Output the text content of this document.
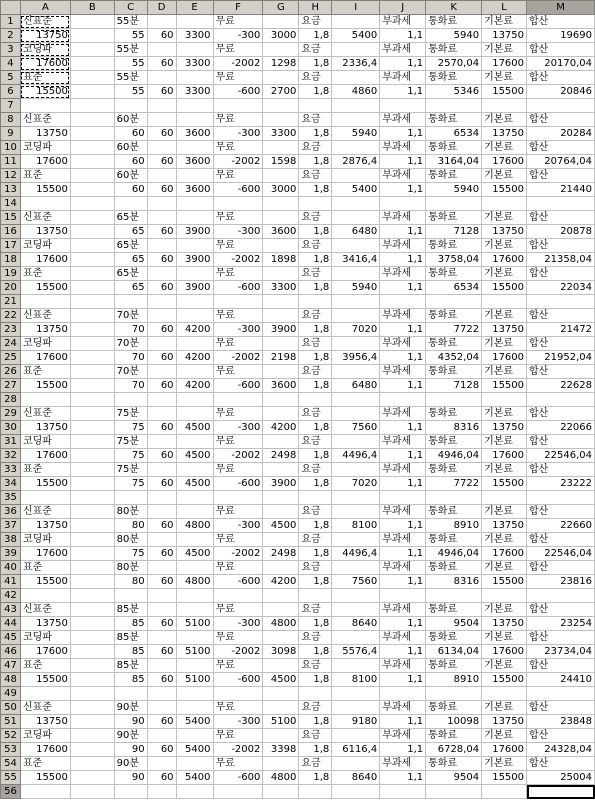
	A	B	C	D	E	F	G	H	I	J	K	L	M
1	신표준		55분			무료		요금		부과세	통화료	기본료	합산
2	13750		55	60	3300	-300	3000	1,8	5400	1,1	5940	13750	19690
3	코딩파		55분			무료		요금		부과세	통화료	기본료	합산
4	17600		55	60	3300	-2002	1298	1,8	2336,4	1,1	2570,04	17600	20170,04
5	표준		55분			무료		요금		부과세	통화료	기본료	합산
6	15500		55	60	3300	-600	2700	1,8	4860	1,1	5346	15500	20846
7													
8	신표준		60분			무료		요금		부과세	통화료	기본료	합산
9	13750		60	60	3600	-300	3300	1,8	5940	1,1	6534	13750	20284
10	코딩파		60분			무료		요금		부과세	통화료	기본료	합산
11	17600		60	60	3600	-2002	1598	1,8	2876,4	1,1	3164,04	17600	20764,04
12	표준		60분			무료		요금		부과세	통화료	기본료	합산
13	15500		60	60	3600	-600	3000	1,8	5400	1,1	5940	15500	21440
14													
15	신표준		65분			무료		요금		부과세	통화료	기본료	합산
16	13750		65	60	3900	-300	3600	1,8	6480	1,1	7128	13750	20878
17	코딩파		65분			무료		요금		부과세	통화료	기본료	합산
18	17600		65	60	3900	-2002	1898	1,8	3416,4	1,1	3758,04	17600	21358,04
19	표준		65분			무료		요금		부과세	통화료	기본료	합산
20	15500		65	60	3900	-600	3300	1,8	5940	1,1	6534	15500	22034
21													
22	신표준		70분			무료		요금		부과세	통화료	기본료	합산
23	13750		70	60	4200	-300	3900	1,8	7020	1,1	7722	13750	21472
24	코딩파		70분			무료		요금		부과세	통화료	기본료	합산
25	17600		70	60	4200	-2002	2198	1,8	3956,4	1,1	4352,04	17600	21952,04
26	표준		70분			무료		요금		부과세	통화료	기본료	합산
27	15500		70	60	4200	-600	3600	1,8	6480	1,1	7128	15500	22628
28													
29	신표준		75분			무료		요금		부과세	통화료	기본료	합산
30	13750		75	60	4500	-300	4200	1,8	7560	1,1	8316	13750	22066
31	코딩파		75분			무료		요금		부과세	통화료	기본료	합산
32	17600		75	60	4500	-2002	2498	1,8	4496,4	1,1	4946,04	17600	22546,04
33	표준		75분			무료		요금		부과세	통화료	기본료	합산
34	15500		75	60	4500	-600	3900	1,8	7020	1,1	7722	15500	23222
35													
36	신표준		80분			무료		요금		부과세	통화료	기본료	합산
37	13750		80	60	4800	-300	4500	1,8	8100	1,1	8910	13750	22660
38	코딩파		80분			무료		요금		부과세	통화료	기본료	합산
39	17600		75	60	4500	-2002	2498	1,8	4496,4	1,1	4946,04	17600	22546,04
40	표준		80분			무료		요금		부과세	통화료	기본료	합산
41	15500		80	60	4800	-600	4200	1,8	7560	1,1	8316	15500	23816
42													
43	신표준		85분			무료		요금		부과세	통화료	기본료	합산
44	13750		85	60	5100	-300	4800	1,8	8640	1,1	9504	13750	23254
45	코딩파		85분			무료		요금		부과세	통화료	기본료	합산
46	17600		85	60	5100	-2002	3098	1,8	5576,4	1,1	6134,04	17600	23734,04
47	표준		85분			무료		요금		부과세	통화료	기본료	합산
48	15500		85	60	5100	-600	4500	1,8	8100	1,1	8910	15500	24410
49													
50	신표준		90분			무료		요금		부과세	통화료	기본료	합산
51	13750		90	60	5400	-300	5100	1,8	9180	1,1	10098	13750	23848
52	코딩파		90분			무료		요금		부과세	통화료	기본료	합산
53	17600		90	60	5400	-2002	3398	1,8	6116,4	1,1	6728,04	17600	24328,04
54	표준		90분			무료		요금		부과세	통화료	기본료	합산
55	15500		90	60	5400	-600	4800	1,8	8640	1,1	9504	15500	25004
56													
